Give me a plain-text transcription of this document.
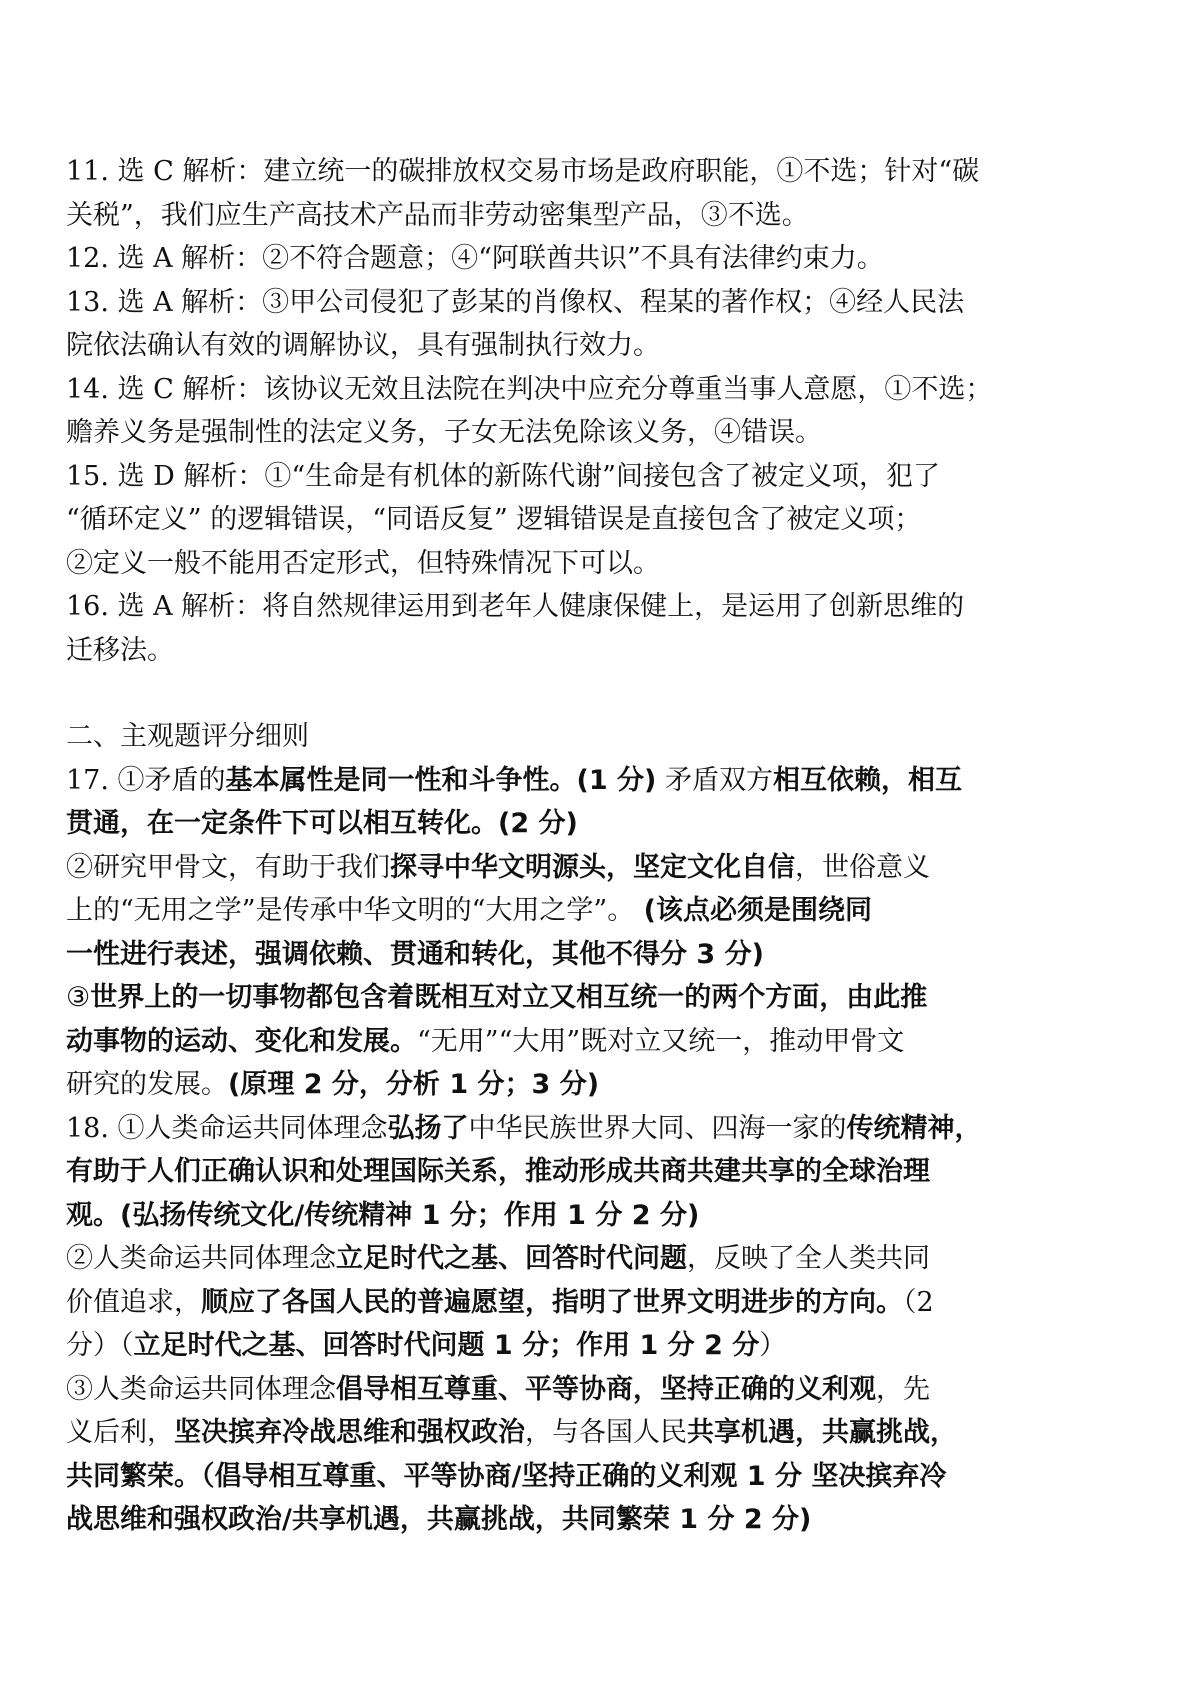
11. 选 C 解析：建立统一的碳排放权交易市场是政府职能，①不选；针对“碳
关税”，我们应生产高技术产品而非劳动密集型产品，③不选。

12. 选 A 解析：②不符合题意；④“阿联酋共识”不具有法律约束力。

13. 选 A 解析：③甲公司侵犯了彭某的肖像权、程某的著作权；④经人民法
院依法确认有效的调解协议，具有强制执行效力。

14. 选 C 解析：该协议无效且法院在判决中应充分尊重当事人意愿，①不选；
赡养义务是强制性的法定义务，子女无法免除该义务，④错误。

15. 选 D 解析：①“生命是有机体的新陈代谢”间接包含了被定义项，犯了
“循环定义” 的逻辑错误，“同语反复” 逻辑错误是直接包含了被定义项；
②定义一般不能用否定形式，但特殊情况下可以。

16. 选 A 解析：将自然规律运用到老年人健康保健上，是运用了创新思维的
迁移法。

二、主观题评分细则

17. ①矛盾的基本属性是同一性和斗争性。(1 分) 矛盾双方相互依赖，相互
贯通，在一定条件下可以相互转化。(2 分)

②研究甲骨文，有助于我们探寻中华文明源头，坚定文化自信，世俗意义
上的“无用之学”是传承中华文明的“大用之学”。 (该点必须是围绕同
一性进行表述，强调依赖、贯通和转化，其他不得分 3 分)

③世界上的一切事物都包含着既相互对立又相互统一的两个方面，由此推
动事物的运动、变化和发展。“无用”“大用”既对立又统一，推动甲骨文
研究的发展。(原理 2 分，分析 1 分；3 分)

18. ①人类命运共同体理念弘扬了中华民族世界大同、四海一家的传统精神，
有助于人们正确认识和处理国际关系，推动形成共商共建共享的全球治理
观。(弘扬传统文化/传统精神 1 分；作用 1 分 2 分)

②人类命运共同体理念立足时代之基、回答时代问题，反映了全人类共同
价值追求，顺应了各国人民的普遍愿望，指明了世界文明进步的方向。（2
分）（立足时代之基、回答时代问题 1 分；作用 1 分 2 分）

③人类命运共同体理念倡导相互尊重、平等协商，坚持正确的义利观，先
义后利，坚决摈弃冷战思维和强权政治，与各国人民共享机遇，共赢挑战，
共同繁荣。（倡导相互尊重、平等协商/坚持正确的义利观 1 分 坚决摈弃冷
战思维和强权政治/共享机遇，共赢挑战，共同繁荣 1 分 2 分)
